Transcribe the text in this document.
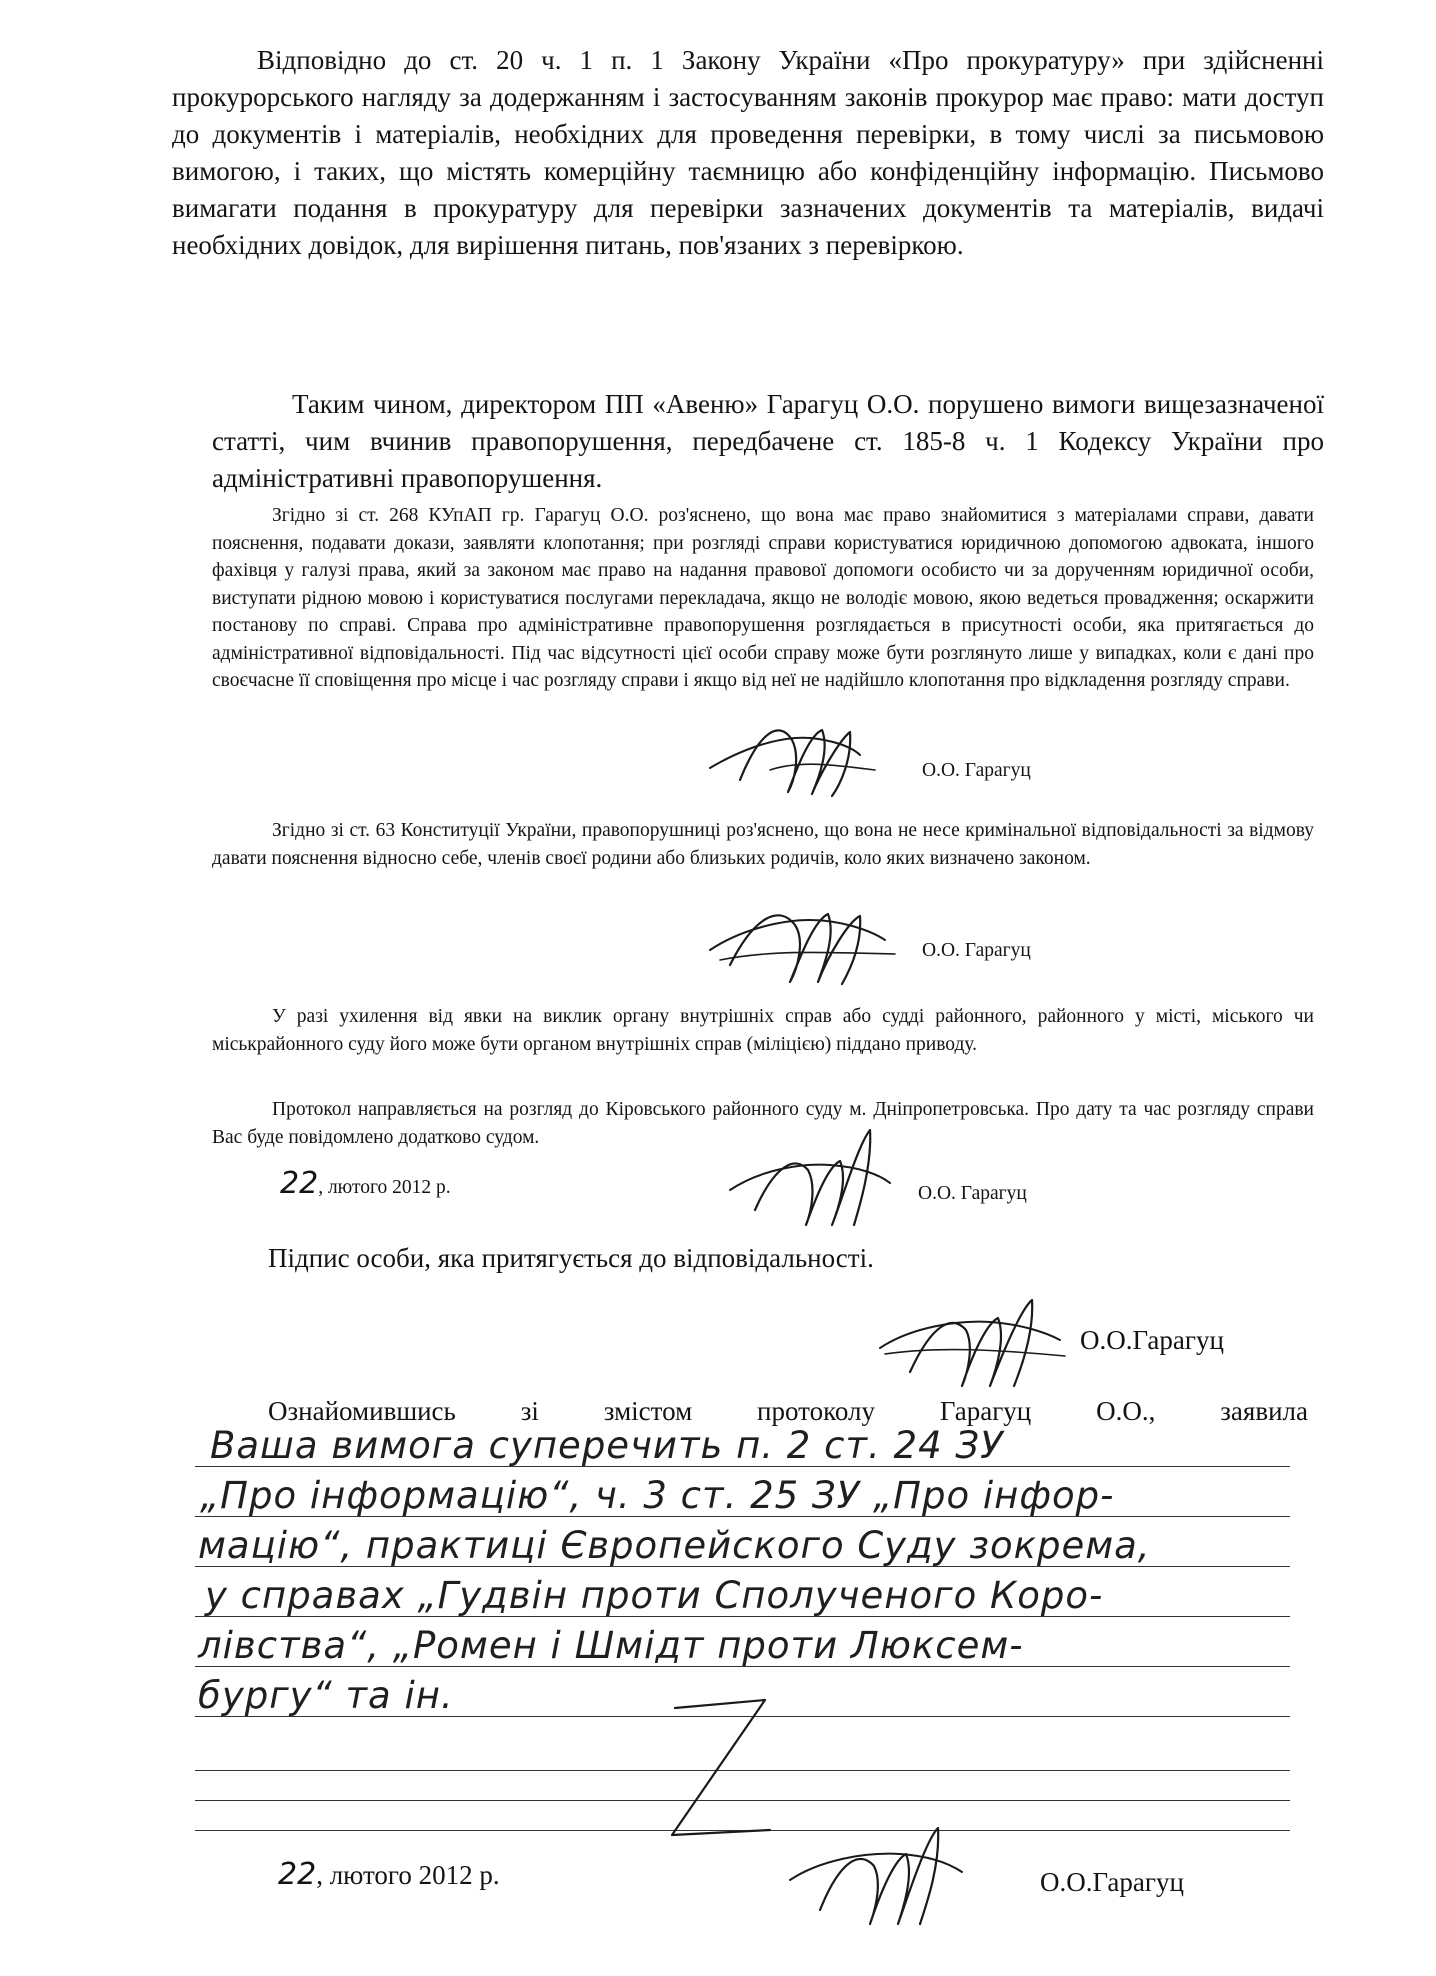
Відповідно до ст. 20 ч. 1 п. 1 Закону України «Про прокуратуру» при здійсненні прокурорського нагляду за додержанням і застосуванням законів прокурор має право: мати доступ до документів і матеріалів, необхідних для проведення перевірки, в тому числі за письмовою вимогою, і таких, що містять комерційну таємницю або конфіденційну інформацію. Письмово вимагати подання в прокуратуру для перевірки зазначених документів та матеріалів, видачі необхідних довідок, для вирішення питань, пов'язаних з перевіркою.

Таким чином, директором ПП «Авеню» Гарагуц О.О. порушено вимоги вищезазначеної статті, чим вчинив правопорушення, передбачене ст. 185-8 ч. 1 Кодексу України про адміністративні правопорушення.

Згідно зі ст. 268 КУпАП гр. Гарагуц О.О. роз'яснено, що вона має право знайомитися з матеріалами справи, давати пояснення, подавати докази, заявляти клопотання; при розгляді справи користуватися юридичною допомогою адвоката, іншого фахівця у галузі права, який за законом має право на надання правової допомоги особисто чи за дорученням юридичної особи, виступати рідною мовою і користуватися послугами перекладача, якщо не володіє мовою, якою ведеться провадження; оскаржити постанову по справі. Справа про адміністративне правопорушення розглядається в присутності особи, яка притягається до адміністративної відповідальності. Під час відсутності цієї особи справу може бути розглянуто лише у випадках, коли є дані про своєчасне її сповіщення про місце і час розгляду справи і якщо від неї не надійшло клопотання про відкладення розгляду справи.

О.О. Гарагуц

Згідно зі ст. 63 Конституції України, правопорушниці роз'яснено, що вона не несе кримінальної відповідальності за відмову давати пояснення відносно себе, членів своєї родини або близьких родичів, коло яких визначено законом.

О.О. Гарагуц

У разі ухилення від явки на виклик органу внутрішніх справ або судді районного, районного у місті, міського чи міськрайонного суду його може бути органом внутрішніх справ (міліцією) піддано приводу.

Протокол направляється на розгляд до Кіровського районного суду м. Дніпропетровська. Про дату та час розгляду справи Вас буде повідомлено додатково судом.

22, лютого 2012 р.	О.О. Гарагуц

Підпис особи, яка притягується до відповідальності.

О.О.Гарагуц

Ознайомившись зі змістом протоколу Гарагуц О.О., заявила

Ваша вимога суперечить п. 2 ст. 24 ЗУ
„Про інформацію“, ч. 3 ст. 25 ЗУ „Про інфор-
мацію“, практиці Європейского Суду зокрема,
у справах „Гудвін проти Сполученого Коро-
лівства“, „Ромен і Шмідт проти Люксем-
бургу“ та ін.
22, лютого 2012 р.	О.О.Гарагуц
